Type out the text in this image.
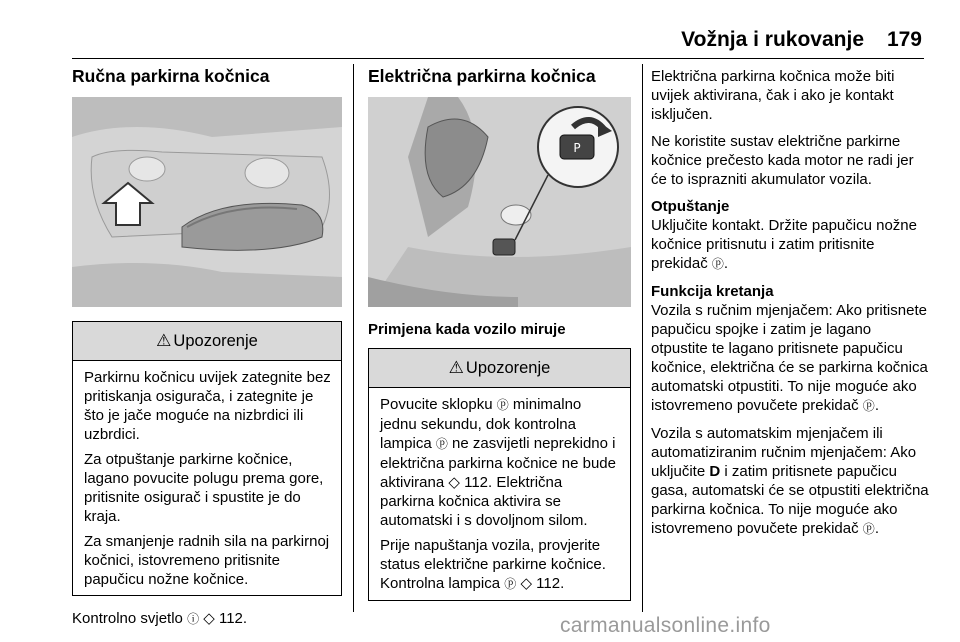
Vožnja i rukovanje 179
Ručna parkirna kočnica
⚠ Upozorenje

Parkirnu kočnicu uvijek zategnite bez pritiskanja osigurača, i zategnite je što je jače moguće na nizbrdici ili uzbrdici.

Za otpuštanje parkirne kočnice, lagano povucite polugu prema gore, pritisnite osigurač i spustite je do kraja.

Za smanjenje radnih sila na parkirnoj kočnici, istovremeno pritisnite papučicu nožne kočnice.

Kontrolno svjetlo ⓘ ◇ 112.
Električna parkirna kočnica
P
Primjena kada vozilo miruje
⚠ Upozorenje

Povucite sklopku ⓟ minimalno jednu sekundu, dok kontrolna lampica ⓟ ne zasvijetli neprekidno i električna parkirna kočnice ne bude aktivirana ◇ 112. Električna parkirna kočnica aktivira se automatski i s dovoljnom silom.

Prije napuštanja vozila, provjerite status električne parkirne kočnice. Kontrolna lampica ⓟ ◇ 112.

Električna parkirna kočnica može biti uvijek aktivirana, čak i ako je kontakt isključen.

Ne koristite sustav električne parkirne kočnice prečesto kada motor ne radi jer će to isprazniti akumulator vozila.

Otpuštanje

Uključite kontakt. Držite papučicu nožne kočnice pritisnutu i zatim pritisnite prekidač ⓟ.

Funkcija kretanja

Vozila s ručnim mjenjačem: Ako pritisnete papučicu spojke i zatim je lagano otpustite te lagano pritisnete papučicu kočnice, električna će se parkirna kočnica automatski otpustiti. To nije moguće ako istovremeno povučete prekidač ⓟ.

Vozila s automatskim mjenjačem ili automatiziranim ručnim mjenjačem: Ako uključite D i zatim pritisnete papučicu gasa, automatski će se otpustiti električna parkirna kočnica. To nije moguće ako istovremeno povučete prekidač ⓟ.

carmanualsonline.info
